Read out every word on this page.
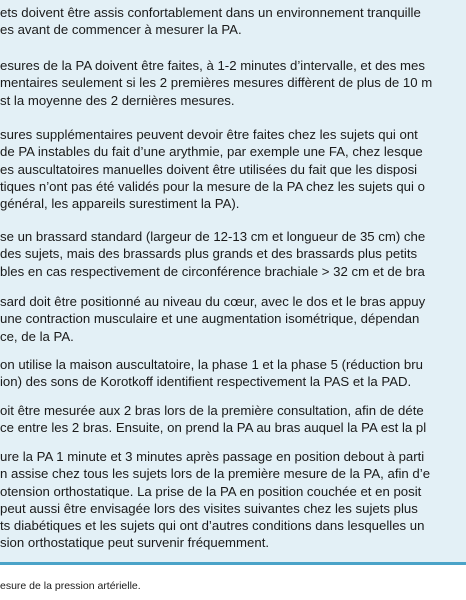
ets doivent être assis confortablement dans un environnement tranquille
es avant de commencer à mesurer la PA.
esures de la PA doivent être faites, à 1-2 minutes d’intervalle, et des mes
mentaires seulement si les 2 premières mesures diffèrent de plus de 10 m
st la moyenne des 2 dernières mesures.
sures supplémentaires peuvent devoir être faites chez les sujets qui ont
de PA instables du fait d’une arythmie, par exemple une FA, chez lesque
es auscultatoires manuelles doivent être utilisées du fait que les disposi
tiques n’ont pas été validés pour la mesure de la PA chez les sujets qui o
général, les appareils surestiment la PA).
se un brassard standard (largeur de 12-13 cm et longueur de 35 cm) che
des sujets, mais des brassards plus grands et des brassards plus petits
bles en cas respectivement de circonférence brachiale > 32 cm et de bra
sard doit être positionné au niveau du cœur, avec le dos et le bras appuy
une contraction musculaire et une augmentation isométrique, dépendan
ce, de la PA.
on utilise la maison auscultatoire, la phase 1 et la phase 5 (réduction bru
ion) des sons de Korotkoff identifient respectivement la PAS et la PAD.
oit être mesurée aux 2 bras lors de la première consultation, afin de déte
ce entre les 2 bras. Ensuite, on prend la PA au bras auquel la PA est la pl
ure la PA 1 minute et 3 minutes après passage en position debout à parti
n assise chez tous les sujets lors de la première mesure de la PA, afin d’e
otension orthostatique. La prise de la PA en position couchée et en posit
peut aussi être envisagée lors des visites suivantes chez les sujets plus
ts diabétiques et les sujets qui ont d’autres conditions dans lesquelles un
sion orthostatique peut survenir fréquemment.
esure de la pression artérielle.
